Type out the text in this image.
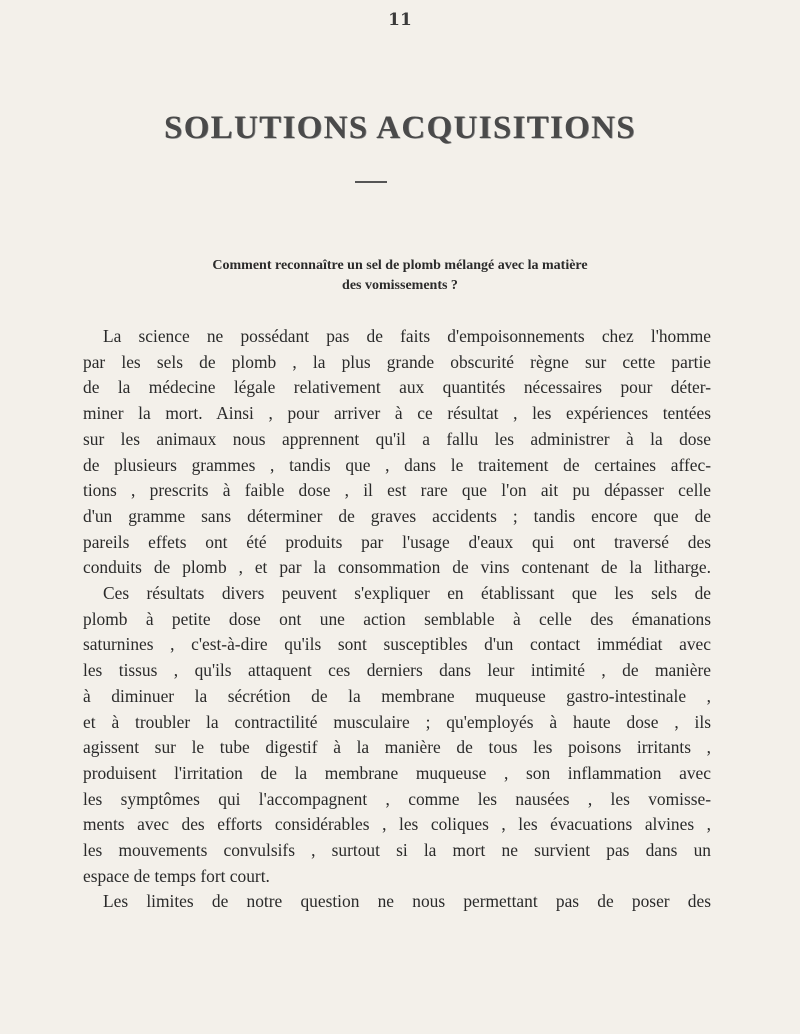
11
SOLUTIONS ACQUISITIONS
Comment reconnaître un sel de plomb mélangé avec la matière
des vomissements ?
La science ne possédant pas de faits d'empoisonnements chez l'homme
par les sels de plomb , la plus grande obscurité règne sur cette partie
de la médecine légale relativement aux quantités nécessaires pour déter-
miner la mort. Ainsi , pour arriver à ce résultat , les expériences tentées
sur les animaux nous apprennent qu'il a fallu les administrer à la dose
de plusieurs grammes , tandis que , dans le traitement de certaines affec-
tions , prescrits à faible dose , il est rare que l'on ait pu dépasser celle
d'un gramme sans déterminer de graves accidents ; tandis encore que de
pareils effets ont été produits par l'usage d'eaux qui ont traversé des
conduits de plomb , et par la consommation de vins contenant de la litharge.
Ces résultats divers peuvent s'expliquer en établissant que les sels de
plomb à petite dose ont une action semblable à celle des émanations
saturnines , c'est-à-dire qu'ils sont susceptibles d'un contact immédiat avec
les tissus , qu'ils attaquent ces derniers dans leur intimité , de manière
à diminuer la sécrétion de la membrane muqueuse gastro-intestinale ,
et à troubler la contractilité musculaire ; qu'employés à haute dose , ils
agissent sur le tube digestif à la manière de tous les poisons irritants ,
produisent l'irritation de la membrane muqueuse , son inflammation avec
les symptômes qui l'accompagnent , comme les nausées , les vomisse-
ments avec des efforts considérables , les coliques , les évacuations alvines ,
les mouvements convulsifs , surtout si la mort ne survient pas dans un
espace de temps fort court.
Les limites de notre question ne nous permettant pas de poser des
